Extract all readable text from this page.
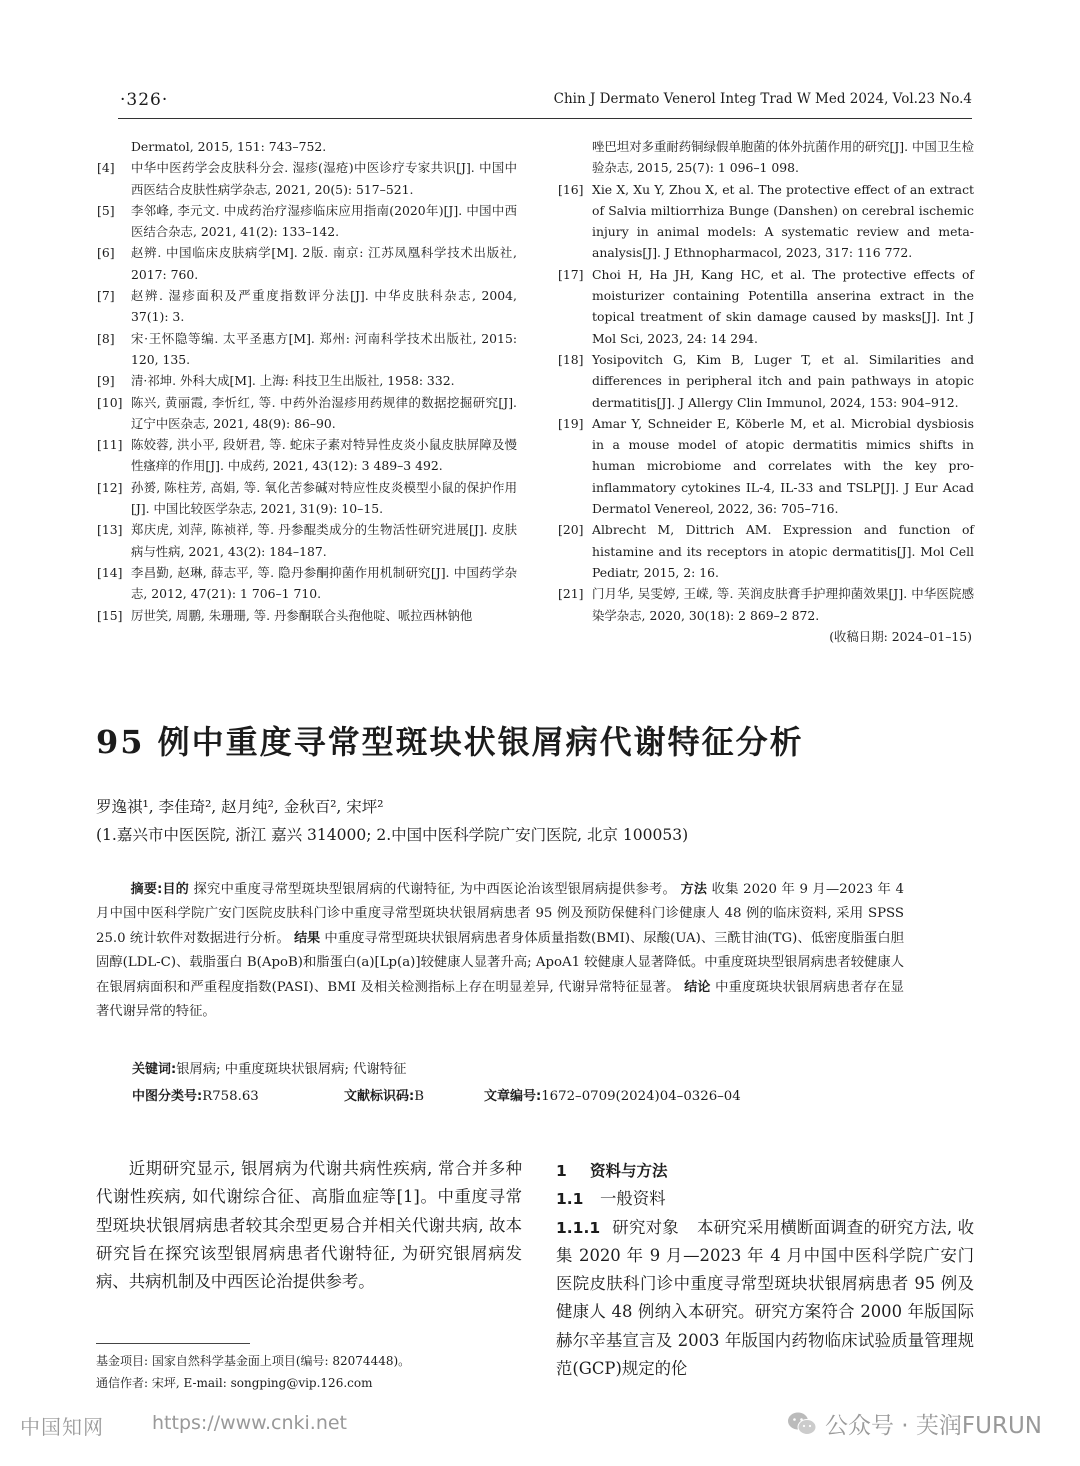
·326·	Chin J Dermato Venerol Integ Trad W Med 2024, Vol.23 No.4
Dermatol, 2015, 151: 743–752.
[4]	中华中医药学会皮肤科分会. 湿疹(湿疮)中医诊疗专家共识[J]. 中国中西医结合皮肤性病学杂志, 2021, 20(5): 517–521.
[5]	李邻峰, 李元文. 中成药治疗湿疹临床应用指南(2020年)[J]. 中国中西医结合杂志, 2021, 41(2): 133–142.
[6]	赵辨. 中国临床皮肤病学[M]. 2版. 南京: 江苏凤凰科学技术出版社, 2017: 760.
[7]	赵辨. 湿疹面积及严重度指数评分法[J]. 中华皮肤科杂志, 2004, 37(1): 3.
[8]	宋·王怀隐等编. 太平圣惠方[M]. 郑州: 河南科学技术出版社, 2015: 120, 135.
[9]	清·祁坤. 外科大成[M]. 上海: 科技卫生出版社, 1958: 332.
[10] 陈兴, 黄丽霞, 李忻红, 等. 中药外治湿疹用药规律的数据挖掘研究[J]. 辽宁中医杂志, 2021, 48(9): 86–90.
[11] 陈姣蓉, 洪小平, 段妍君, 等. 蛇床子素对特异性皮炎小鼠皮肤屏障及慢性瘙痒的作用[J]. 中成药, 2021, 43(12): 3 489–3 492.
[12] 孙赟, 陈柱芳, 高娟, 等. 氧化苦参碱对特应性皮炎模型小鼠的保护作用[J]. 中国比较医学杂志, 2021, 31(9): 10–15.
[13] 郑庆虎, 刘萍, 陈祯祥, 等. 丹参醌类成分的生物活性研究进展[J]. 皮肤病与性病, 2021, 43(2): 184–187.
[14] 李昌勤, 赵琳, 薛志平, 等. 隐丹参酮抑菌作用机制研究[J]. 中国药学杂志, 2012, 47(21): 1 706–1 710.
[15] 厉世笑, 周鹏, 朱珊珊, 等. 丹参酮联合头孢他啶、哌拉西林钠他
唑巴坦对多重耐药铜绿假单胞菌的体外抗菌作用的研究[J]. 中国卫生检验杂志, 2015, 25(7): 1 096–1 098.
[16] Xie X, Xu Y, Zhou X, et al. The protective effect of an extract of Salvia miltiorrhiza Bunge (Danshen) on cerebral ischemic injury in animal models: A systematic review and meta-analysis[J]. J Ethnopharmacol, 2023, 317: 116 772.
[17] Choi H, Ha JH, Kang HC, et al. The protective effects of moisturizer containing Potentilla anserina extract in the topical treatment of skin damage caused by masks[J]. Int J Mol Sci, 2023, 24: 14 294.
[18] Yosipovitch G, Kim B, Luger T, et al. Similarities and differences in peripheral itch and pain pathways in atopic dermatitis[J]. J Allergy Clin Immunol, 2024, 153: 904–912.
[19] Amar Y, Schneider E, Köberle M, et al. Microbial dysbiosis in a mouse model of atopic dermatitis mimics shifts in human microbiome and correlates with the key pro-inflammatory cytokines IL-4, IL-33 and TSLP[J]. J Eur Acad Dermatol Venereol, 2022, 36: 705–716.
[20] Albrecht M, Dittrich AM. Expression and function of histamine and its receptors in atopic dermatitis[J]. Mol Cell Pediatr, 2015, 2: 16.
[21] 门月华, 吴雯婷, 王嵘, 等. 芙润皮肤膏手护理抑菌效果[J]. 中华医院感染学杂志, 2020, 30(18): 2 869–2 872.
(收稿日期: 2024–01–15)
95 例中重度寻常型斑块状银屑病代谢特征分析
罗逸祺¹, 李佳琦², 赵月纯², 金秋百², 宋坪²
(1.嘉兴市中医医院, 浙江 嘉兴 314000; 2.中国中医科学院广安门医院, 北京 100053)
摘要:目的 探究中重度寻常型斑块型银屑病的代谢特征, 为中西医论治该型银屑病提供参考。 方法 收集 2020 年 9 月—2023 年 4 月中国中医科学院广安门医院皮肤科门诊中重度寻常型斑块状银屑病患者 95 例及预防保健科门诊健康人 48 例的临床资料, 采用 SPSS 25.0 统计软件对数据进行分析。 结果 中重度寻常型斑块状银屑病患者身体质量指数(BMI)、尿酸(UA)、三酰甘油(TG)、低密度脂蛋白胆固醇(LDL-C)、载脂蛋白 B(ApoB)和脂蛋白(a)[Lp(a)]较健康人显著升高; ApoA1 较健康人显著降低。中重度斑块型银屑病患者较健康人在银屑病面积和严重程度指数(PASI)、BMI 及相关检测指标上存在明显差异, 代谢异常特征显著。 结论 中重度斑块状银屑病患者存在显著代谢异常的特征。
关键词:银屑病; 中重度斑块状银屑病; 代谢特征
中图分类号:R758.63	文献标识码:B	文章编号:1672–0709(2024)04–0326–04
近期研究显示, 银屑病为代谢共病性疾病, 常合并多种代谢性疾病, 如代谢综合征、高脂血症等[1]。中重度寻常型斑块状银屑病患者较其余型更易合并相关代谢共病, 故本研究旨在探究该型银屑病患者代谢特征, 为研究银屑病发病、共病机制及中西医论治提供参考。
基金项目: 国家自然科学基金面上项目(编号: 82074448)。
通信作者: 宋坪, E-mail: songping@vip.126.com
1 资料与方法
1.1 一般资料
1.1.1 研究对象 本研究采用横断面调查的研究方法, 收集 2020 年 9 月—2023 年 4 月中国中医科学院广安门医院皮肤科门诊中重度寻常型斑块状银屑病患者 95 例及健康人 48 例纳入本研究。研究方案符合 2000 年版国际赫尔辛基宣言及 2003 年版国内药物临床试验质量管理规范(GCP)规定的伦
中国知网	https://www.cnki.net	公众号 · 芙润FURUN
